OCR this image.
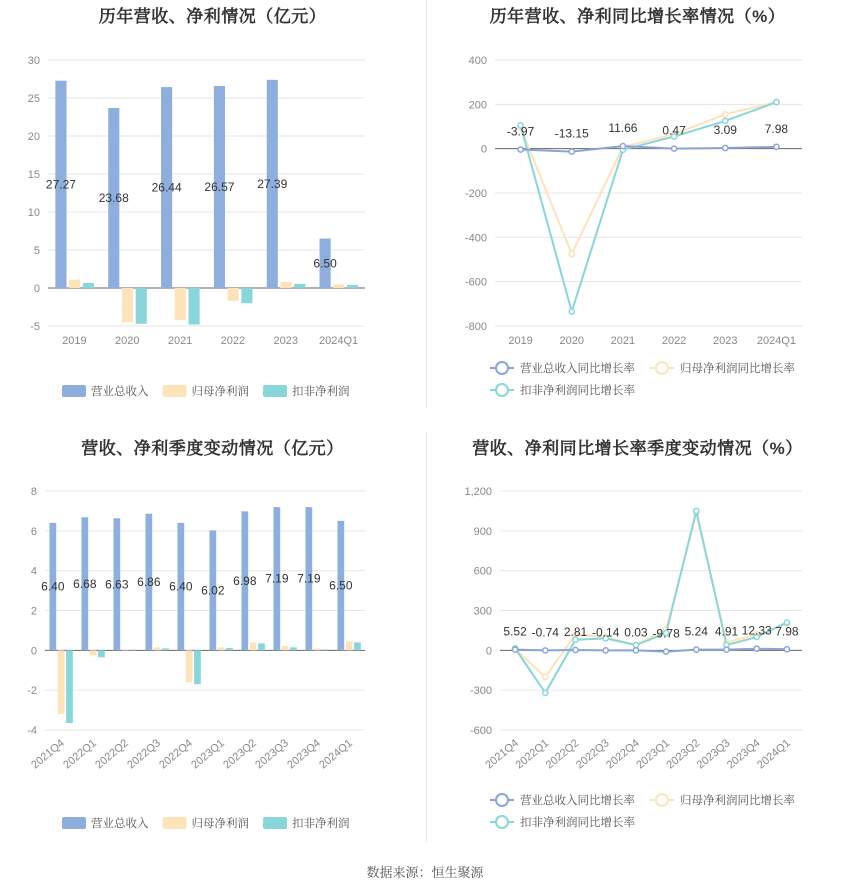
历年营收、净利情况（亿元）
-5
0
5
10
15
20
25
30
2019	2020	2021	2022	2023 2024Q1
27.27
23.68
26.44 26.57 27.39
6.50
营业总收入	归母净利润	扣非净利润
历年营收、净利同比增长率情况（%）
-800
-600
-400
-200
0
200
400
2019 2020 2021 2022 2023 2024Q1
-3.97 -13.15 11.66 0.47 3.09 7.98
营业总收入同比增长率	归母净利润同比增长率
扣非净利润同比增长率
营收、净利季度变动情况（亿元）
-4
-2
0
2
4
6
8
2021Q4
2022Q1
2022Q2
2022Q3
2022Q4
2023Q1
2023Q2
2023Q3
2023Q4
2024Q1
6.40 6.68 6.63 6.86 6.40 6.02
6.98 7.19 7.19 6.50
营业总收入	归母净利润	扣非净利润
营收、净利同比增长率季度变动情况（%）
-600
-300
0
300
600
900
1,200
2021Q4
2022Q1
2022Q2
2022Q3
2022Q4
2023Q1
2023Q2
2023Q3
2023Q4
2024Q1
5.52 -0.74 2.81 -0.14 0.03 -9.78 5.24 4.91 12.33 7.98
营业总收入同比增长率	归母净利润同比增长率
扣非净利润同比增长率
数据来源：恒生聚源
